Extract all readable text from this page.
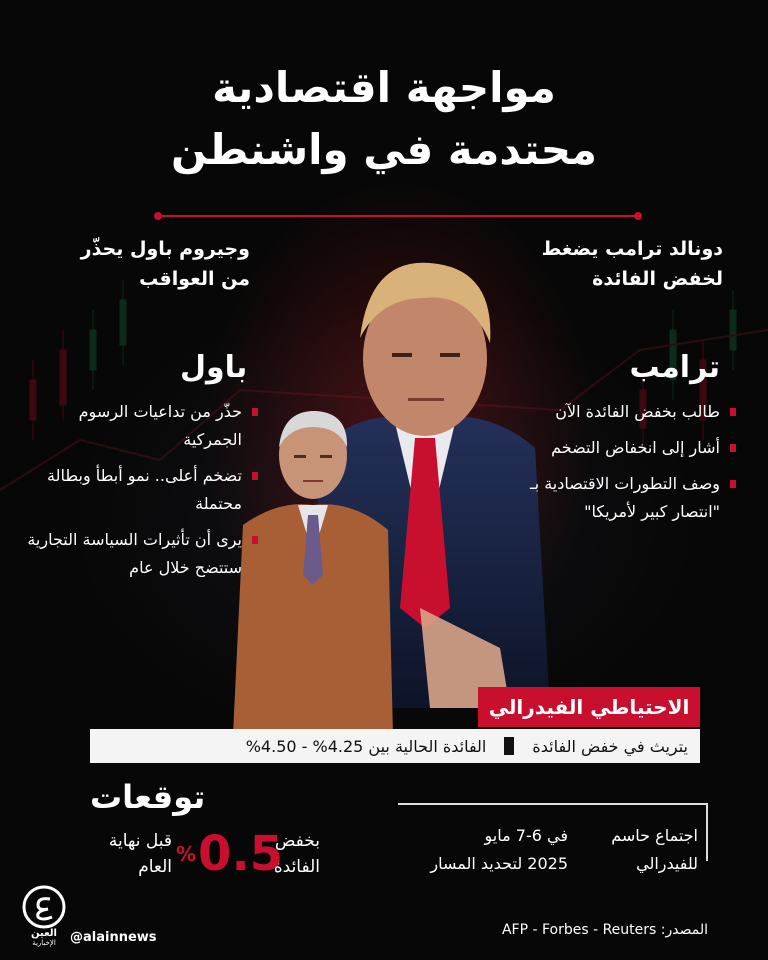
مواجهة اقتصادية
محتدمة في واشنطن
دونالد ترامب يضغط
لخفض الفائدة
وجيروم باول يحذّر
من العواقب
ترامب
باول
طالب بخفض الفائدة الآن
أشار إلى انخفاض التضخم
وصف التطورات الاقتصادية بـ "انتصار كبير لأمريكا"
حذّر من تداعيات الرسوم الجمركية
تضخم أعلى.. نمو أبطأ وبطالة محتملة
يرى أن تأثيرات السياسة التجارية ستتضح خلال عام
الاحتياطي الفيدرالي
يتريث في خفض الفائدة
الفائدة الحالية بين 4.25% - 4.50%
توقعات
بخفض
الفائدة
% 0.5
قبل نهاية
العام
اجتماع حاسم
للفيدرالي
في 6-7 مايو
2025 لتحديد المسار
العين
الإخبارية	@alainnews	المصدر: AFP - Forbes - Reuters
